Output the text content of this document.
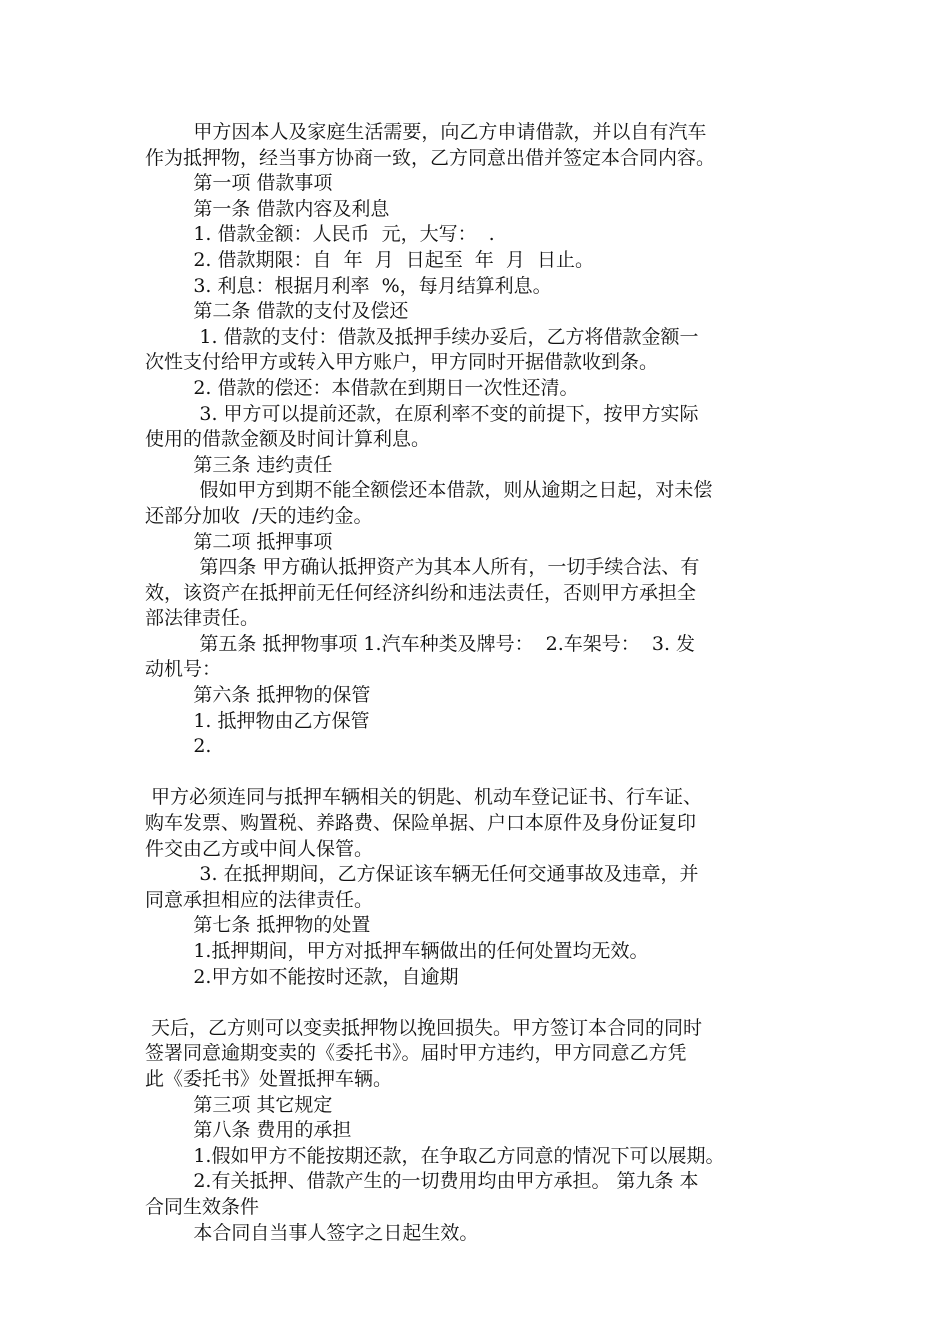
甲方因本人及家庭生活需要，向乙方申请借款，并以自有汽车
作为抵押物，经当事方协商一致，乙方同意出借并签定本合同内容。
第一项 借款事项
第一条 借款内容及利息
1. 借款金额：人民币  元，大写：  .
2. 借款期限：自  年  月  日起至  年  月  日止。
3. 利息：根据月利率  %，每月结算利息。
第二条 借款的支付及偿还
1. 借款的支付：借款及抵押手续办妥后，乙方将借款金额一
次性支付给甲方或转入甲方账户，甲方同时开据借款收到条。
2. 借款的偿还：本借款在到期日一次性还清。
3. 甲方可以提前还款，在原利率不变的前提下，按甲方实际
使用的借款金额及时间计算利息。
第三条 违约责任
假如甲方到期不能全额偿还本借款，则从逾期之日起，对未偿
还部分加收  /天的违约金。
第二项 抵押事项
第四条 甲方确认抵押资产为其本人所有，一切手续合法、有
效，该资产在抵押前无任何经济纠纷和违法责任，否则甲方承担全
部法律责任。
第五条 抵押物事项 1.汽车种类及牌号：  2.车架号：  3. 发
动机号：
第六条 抵押物的保管
1. 抵押物由乙方保管
2.
甲方必须连同与抵押车辆相关的钥匙、机动车登记证书、行车证、
购车发票、购置税、养路费、保险单据、户口本原件及身份证复印
件交由乙方或中间人保管。
3. 在抵押期间，乙方保证该车辆无任何交通事故及违章，并
同意承担相应的法律责任。
第七条 抵押物的处置
1.抵押期间，甲方对抵押车辆做出的任何处置均无效。
2.甲方如不能按时还款，自逾期
天后，乙方则可以变卖抵押物以挽回损失。甲方签订本合同的同时
签署同意逾期变卖的《委托书》。届时甲方违约，甲方同意乙方凭
此《委托书》处置抵押车辆。
第三项 其它规定
第八条 费用的承担
1.假如甲方不能按期还款，在争取乙方同意的情况下可以展期。
2.有关抵押、借款产生的一切费用均由甲方承担。 第九条 本
合同生效条件
本合同自当事人签字之日起生效。
